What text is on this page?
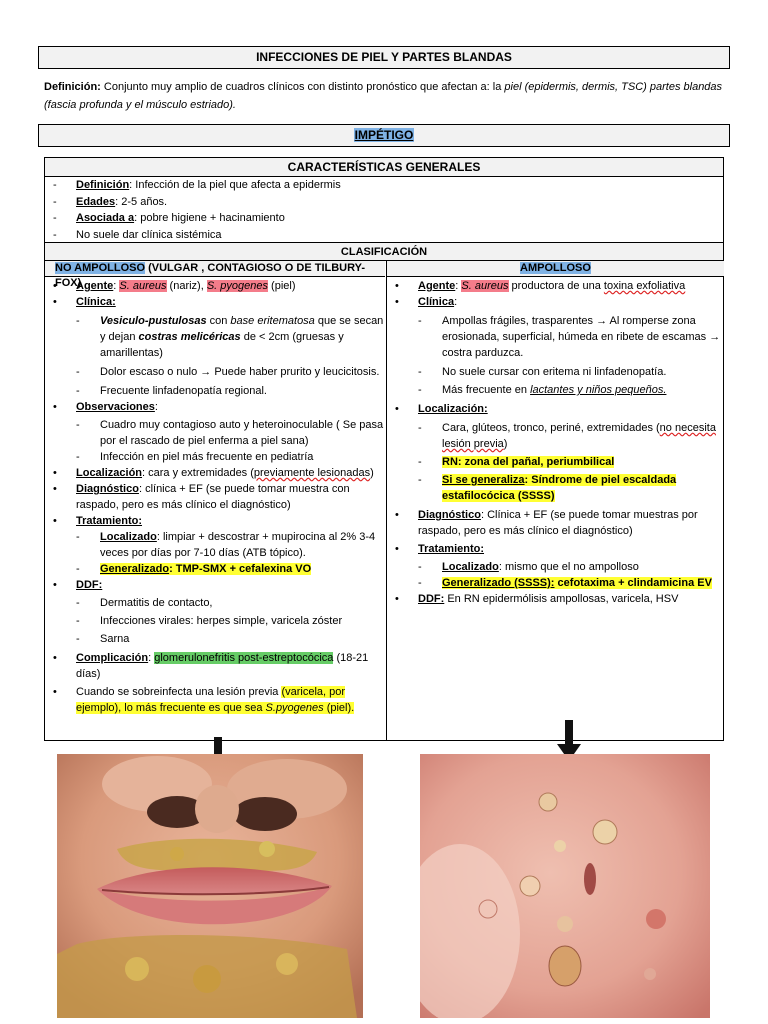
INFECCIONES DE PIEL Y PARTES BLANDAS
Definición: Conjunto muy amplio de cuadros clínicos con distinto pronóstico que afectan a: la piel (epidermis, dermis, TSC) partes blandas (fascia profunda y el músculo estriado).
IMPÉTIGO
CARACTERÍSTICAS GENERALES
- Definición: Infección de la piel que afecta a epidermis
- Edades: 2-5 años.
- Asociada a: pobre higiene + hacinamiento
- No suele dar clínica sistémica
CLASIFICACIÓN
NO AMPOLLOSO (VULGAR , CONTAGIOSO O DE TILBURY-FOX)
• Agente: S. aureus (nariz), S. pyogenes (piel)
• Clínica:
- Vesiculo-pustulosas con base eritematosa que se secan y dejan costras melicéricas de < 2cm (gruesas y amarillentas)
- Dolor escaso o nulo → Puede haber prurito y leucicitosis.
- Frecuente linfadenopatía regional.
• Observaciones:
- Cuadro muy contagioso auto y heteroinoculable ( Se pasa por el rascado de piel enferma a piel sana)
- Infección en piel más frecuente en pediatría
• Localización: cara y extremidades (previamente lesionadas)
• Diagnóstico: clínica + EF (se puede tomar muestra con raspado, pero es más clínico el diagnóstico)
• Tratamiento:
- Localizado: limpiar + descostrar + mupirocina al 2% 3-4 veces por días por 7-10 días (ATB tópico).
- Generalizado: TMP-SMX + cefalexina VO
• DDF:
- Dermatitis de contacto,
- Infecciones virales: herpes simple, varicela zóster
- Sarna
• Complicación: glomerulonefritis post-estreptocócica (18-21 días)
• Cuando se sobreinfecta una lesión previa (varicela, por ejemplo), lo más frecuente es que sea S.pyogenes (piel).
AMPOLLOSO
• Agente: S. aureus productora de una toxina exfoliativa
• Clínica:
- Ampollas frágiles, trasparentes → Al romperse zona erosionada, superficial, húmeda en ribete de escamas → costra parduzca.
- No suele cursar con eritema ni linfadenopatía.
- Más frecuente en lactantes y niños pequeños.
• Localización:
- Cara, glúteos, tronco, periné, extremidades (no necesita lesión previa)
- RN: zona del pañal, periumbilical
- Si se generaliza: Síndrome de piel escaldada estafilocócica (SSSS)
• Diagnóstico: Clínica + EF (se puede tomar muestras por raspado, pero es más clínico el diagnóstico)
• Tratamiento:
- Localizado: mismo que el no ampolloso
- Generalizado (SSSS): cefotaxima + clindamicina EV
• DDF: En RN epidermólisis ampollosas, varicela, HSV
